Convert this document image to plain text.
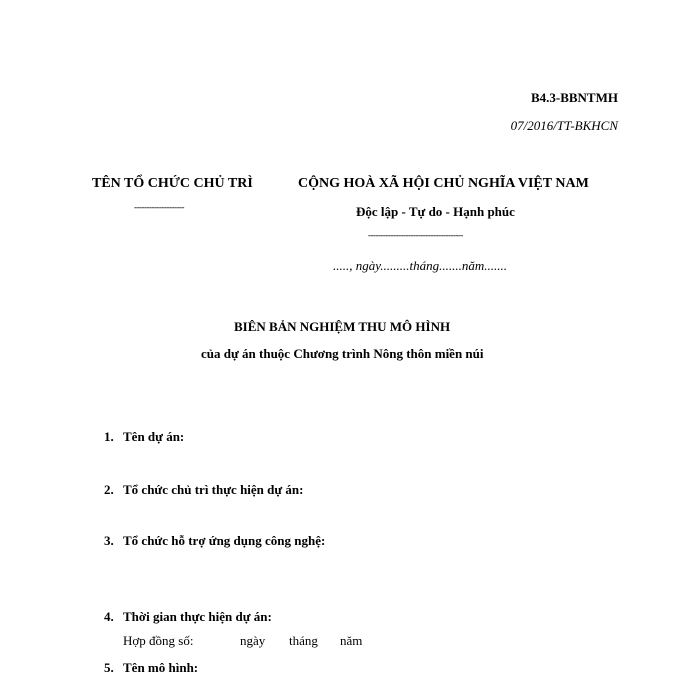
B4.3-BBNTMH
07/2016/TT-BKHCN
TÊN TỔ CHỨC CHỦ TRÌ
--------------------
CỘNG HOÀ XÃ HỘI CHỦ NGHĨA VIỆT NAM
Độc lập - Tự do - Hạnh phúc
--------------------------------------
....., ngày.........tháng.......năm.......
BIÊN BẢN NGHIỆM THU MÔ HÌNH
của dự án thuộc Chương trình Nông thôn miền núi
1. Tên dự án:
2. Tổ chức chủ trì thực hiện dự án:
3. Tổ chức hỗ trợ ứng dụng công nghệ:
4. Thời gian thực hiện dự án:
Hợp đồng số:	ngày tháng năm
5. Tên mô hình:
